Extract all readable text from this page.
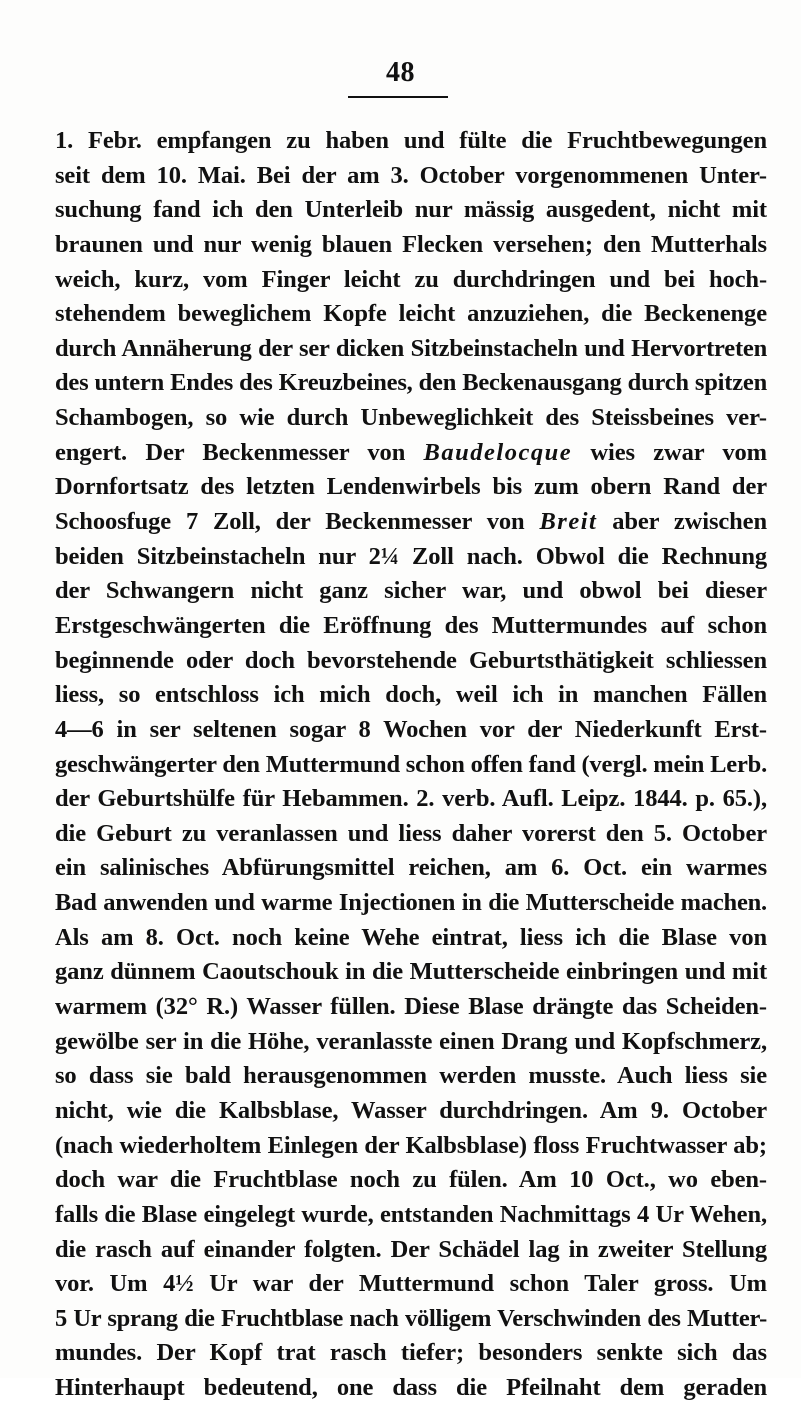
48
1. Febr. empfangen zu haben und fülte die Fruchtbewegungen
seit dem 10. Mai. Bei der am 3. October vorgenommenen Unter-
suchung fand ich den Unterleib nur mässig ausgedent, nicht mit
braunen und nur wenig blauen Flecken versehen; den Mutterhals
weich, kurz, vom Finger leicht zu durchdringen und bei hoch-
stehendem beweglichem Kopfe leicht anzuziehen, die Beckenenge
durch Annäherung der ser dicken Sitzbeinstacheln und Hervortreten
des untern Endes des Kreuzbeines, den Beckenausgang durch spitzen
Schambogen, so wie durch Unbeweglichkeit des Steissbeines ver-
engert. Der Beckenmesser von Baudelocque wies zwar vom
Dornfortsatz des letzten Lendenwirbels bis zum obern Rand der
Schoosfuge 7 Zoll, der Beckenmesser von Breit aber zwischen
beiden Sitzbeinstacheln nur 2¼ Zoll nach. Obwol die Rechnung
der Schwangern nicht ganz sicher war, und obwol bei dieser
Erstgeschwängerten die Eröffnung des Muttermundes auf schon
beginnende oder doch bevorstehende Geburtsthätigkeit schliessen
liess, so entschloss ich mich doch, weil ich in manchen Fällen
4—6 in ser seltenen sogar 8 Wochen vor der Niederkunft Erst-
geschwängerter den Muttermund schon offen fand (vergl. mein Lerb.
der Geburtshülfe für Hebammen. 2. verb. Aufl. Leipz. 1844. p. 65.),
die Geburt zu veranlassen und liess daher vorerst den 5. October
ein salinisches Abfürungsmittel reichen, am 6. Oct. ein warmes
Bad anwenden und warme Injectionen in die Mutterscheide machen.
Als am 8. Oct. noch keine Wehe eintrat, liess ich die Blase von
ganz dünnem Caoutschouk in die Mutterscheide einbringen und mit
warmem (32° R.) Wasser füllen. Diese Blase drängte das Scheiden-
gewölbe ser in die Höhe, veranlasste einen Drang und Kopfschmerz,
so dass sie bald herausgenommen werden musste. Auch liess sie
nicht, wie die Kalbsblase, Wasser durchdringen. Am 9. October
(nach wiederholtem Einlegen der Kalbsblase) floss Fruchtwasser ab;
doch war die Fruchtblase noch zu fülen. Am 10 Oct., wo eben-
falls die Blase eingelegt wurde, entstanden Nachmittags 4 Ur Wehen,
die rasch auf einander folgten. Der Schädel lag in zweiter Stellung
vor. Um 4½ Ur war der Muttermund schon Taler gross. Um
5 Ur sprang die Fruchtblase nach völligem Verschwinden des Mutter-
mundes. Der Kopf trat rasch tiefer; besonders senkte sich das
Hinterhaupt bedeutend, one dass die Pfeilnaht dem geraden
